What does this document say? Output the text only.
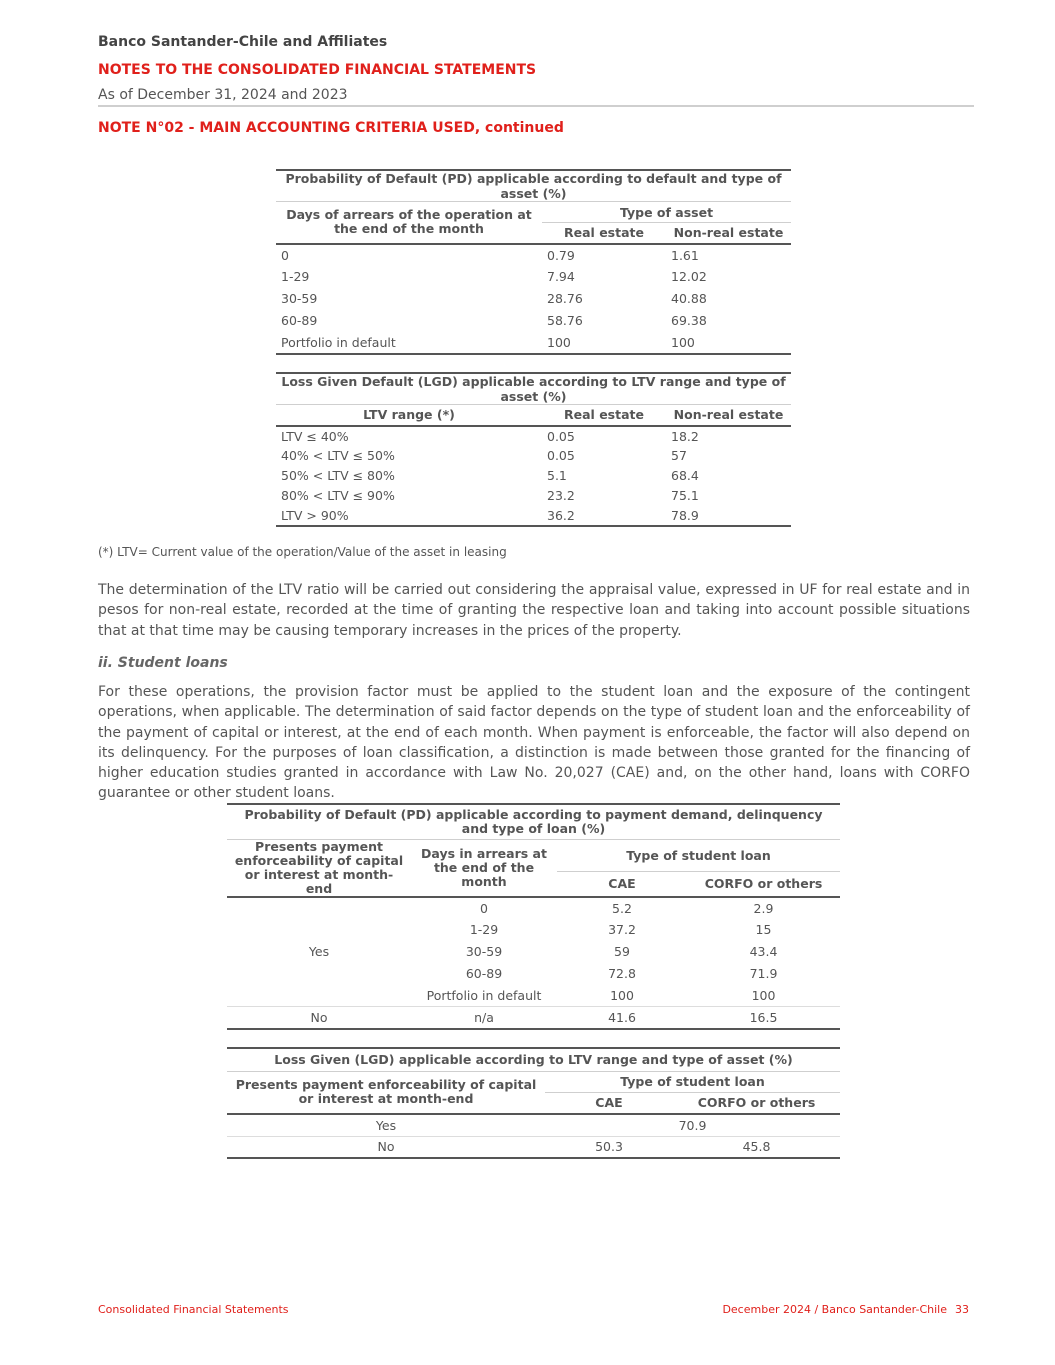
Banco Santander-Chile and Affiliates
NOTES TO THE CONSOLIDATED FINANCIAL STATEMENTS
As of December 31, 2024 and 2023
NOTE N°02 - MAIN ACCOUNTING CRITERIA USED, continued
Probability of Default (PD) applicable according to default and type of asset (%)		
Days of arrears of the operation at the end of the month	Type of asset	
	Real estate	Non-real estate
0	0.79	1.61
1-29	7.94	12.02
30-59	28.76	40.88
60-89	58.76	69.38
Portfolio in default	100	100
Loss Given Default (LGD) applicable according to LTV range and type of asset (%)		
LTV range (*)	Real estate	Non-real estate
LTV ≤ 40%	0.05	18.2
40% < LTV ≤ 50%	0.05	57
50% < LTV ≤ 80%	5.1	68.4
80% < LTV ≤ 90%	23.2	75.1
LTV > 90%	36.2	78.9
(*) LTV= Current value of the operation/Value of the asset in leasing

The determination of the LTV ratio will be carried out considering the appraisal value, expressed in UF for real estate and in pesos for non-real estate, recorded at the time of granting the respective loan and taking into account possible situations that at that time may be causing temporary increases in the prices of the property.

ii. Student loans

For these operations, the provision factor must be applied to the student loan and the exposure of the contingent operations, when applicable. The determination of said factor depends on the type of student loan and the enforceability of the payment of capital or interest, at the end of each month. When payment is enforceable, the factor will also depend on its delinquency. For the purposes of loan classification, a distinction is made between those granted for the financing of higher education studies granted in accordance with Law No. 20,027 (CAE) and, on the other hand, loans with CORFO guarantee or other student loans.

Probability of Default (PD) applicable according to payment demand, delinquency and type of loan (%)			
Presents payment enforceability of capital or interest at month-end	Days in arrears at the end of the month	Type of student loan	
		CAE	CORFO or others
Yes	0	5.2	2.9
	1-29	37.2	15
	30-59	59	43.4
	60-89	72.8	71.9
	Portfolio in default	100	100
No	n/a	41.6	16.5
Loss Given (LGD) applicable according to LTV range and type of asset (%)		
Presents payment enforceability of capital or interest at month-end	Type of student loan	
	CAE	CORFO or others
Yes	70.9	
No	50.3	45.8
Consolidated Financial Statements	December 2024 / Banco Santander-Chile 33
